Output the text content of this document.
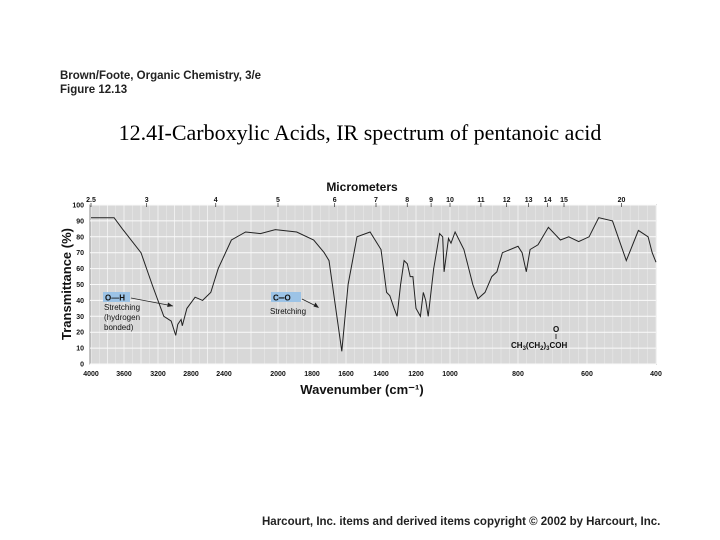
Brown/Foote, Organic Chemistry, 3/e
Figure 12.13
12.4I-Carboxylic Acids, IR spectrum of pentanoic acid
0
10
20
30
40
50
60
70
80
90
100
4000 3600	3200 2800 2400	2000	1800	1600	1400	1200	1000	800	600	400
2.5	3	4	5	6	7	8	9 10	11	12 13 14 15	20
Micrometers
Wavenumber (cm⁻¹)
Transmittance (%)	O—H
Stretching
(hydrogen
bonded)
C═O
Stretching
O
$CH_3(CH_2)_3COH$
Harcourt, Inc. items and derived items copyright © 2002 by Harcourt, Inc.
